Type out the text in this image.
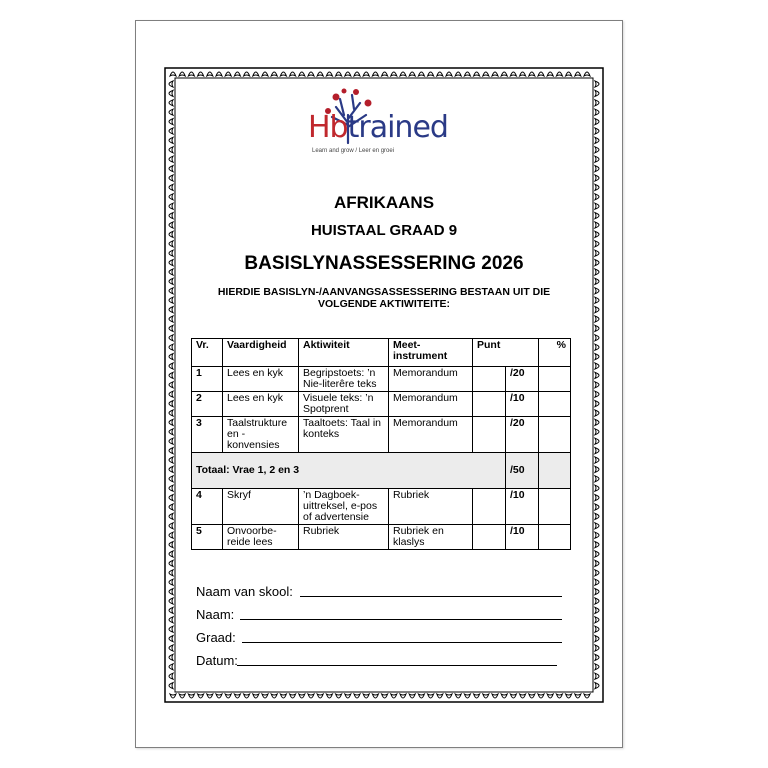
Hbtrained
Learn and grow / Leer en groei
AFRIKAANS
HUISTAAL GRAAD 9
BASISLYNASSESSERING 2026
HIERDIE BASISLYN-/AANVANGSASSESSERING BESTAAN UIT DIE
VOLGENDE AKTIWITEITE:
Vr.	Vaardigheid	Aktiwiteit	Meet-instrument	Punt		%
1	Lees en kyk	Begripstoets: ’n Nie-literêre teks	Memorandum		/20	
2	Lees en kyk	Visuele teks: ’n Spotprent	Memorandum		/10	
3	Taalstrukture en -konvensies	Taaltoets: Taal in konteks	Memorandum		/20	
Totaal: Vrae 1, 2 en 3					/50	
4	Skryf	’n Dagboek-uittreksel, e-pos of advertensie	Rubriek		/10	
5	Onvoorbe-reide lees	Rubriek	Rubriek en klaslys		/10	
Naam van skool:
Naam:
Graad:
Datum:
